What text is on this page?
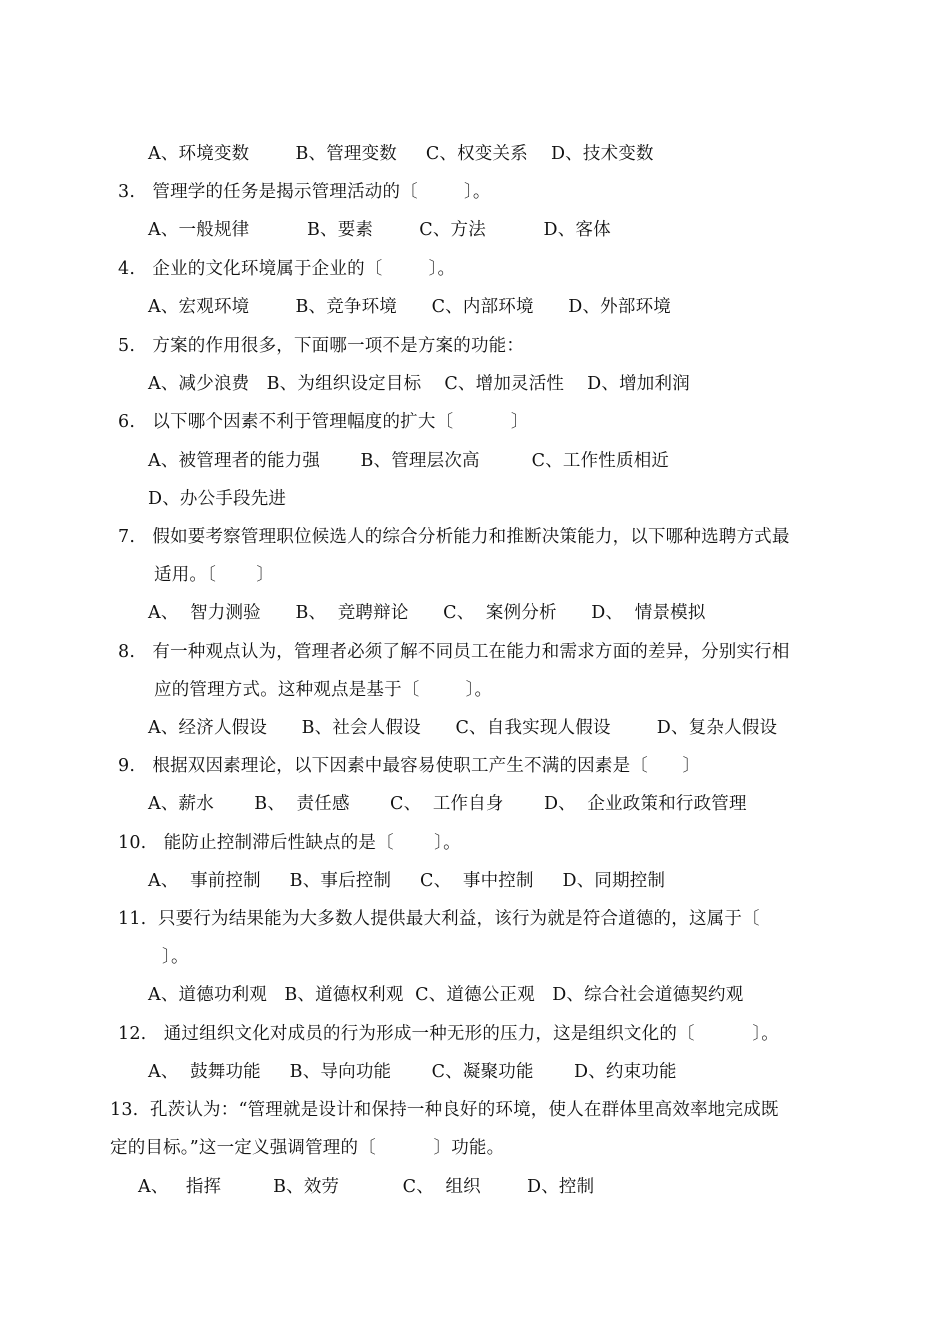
A、环境变数        B、管理变数     C、权变关系    D、技术变数
3.   管理学的任务是揭示管理活动的〔        〕。
A、一般规律          B、要素        C、方法          D、客体
4.   企业的文化环境属于企业的〔        〕。
A、宏观环境        B、竞争环境      C、内部环境      D、外部环境
5.   方案的作用很多，下面哪一项不是方案的功能：
A、减少浪费   B、为组织设定目标    C、增加灵活性    D、增加利润
6.   以下哪个因素不利于管理幅度的扩大〔          〕
A、被管理者的能力强       B、管理层次高         C、工作性质相近
D、办公手段先进
7.   假如要考察管理职位候选人的综合分析能力和推断决策能力，以下哪种选聘方式最
适用。〔       〕
A、  智力测验      B、  竞聘辩论      C、  案例分析      D、  情景模拟
8.   有一种观点认为，管理者必须了解不同员工在能力和需求方面的差异，分别实行相
应的管理方式。这种观点是基于〔        〕。
A、经济人假设      B、社会人假设      C、自我实现人假设        D、复杂人假设
9.   根据双因素理论，以下因素中最容易使职工产生不满的因素是〔      〕
A、薪水       B、  责任感       C、  工作自身       D、  企业政策和行政管理
10.   能防止控制滞后性缺点的是〔       〕。
A、  事前控制     B、事后控制     C、  事中控制     D、同期控制
11.  只要行为结果能为大多数人提供最大利益，该行为就是符合道德的，这属于〔
〕。
A、道德功利观   B、道德权利观  C、道德公正观   D、综合社会道德契约观
12.   通过组织文化对成员的行为形成一种无形的压力，这是组织文化的〔          〕。
A、  鼓舞功能     B、导向功能       C、凝聚功能       D、约束功能
13.  孔茨认为：“管理就是设计和保持一种良好的环境，使人在群体里高效率地完成既
定的目标。”这一定义强调管理的〔          〕功能。
A、   指挥         B、效劳           C、  组织        D、控制
